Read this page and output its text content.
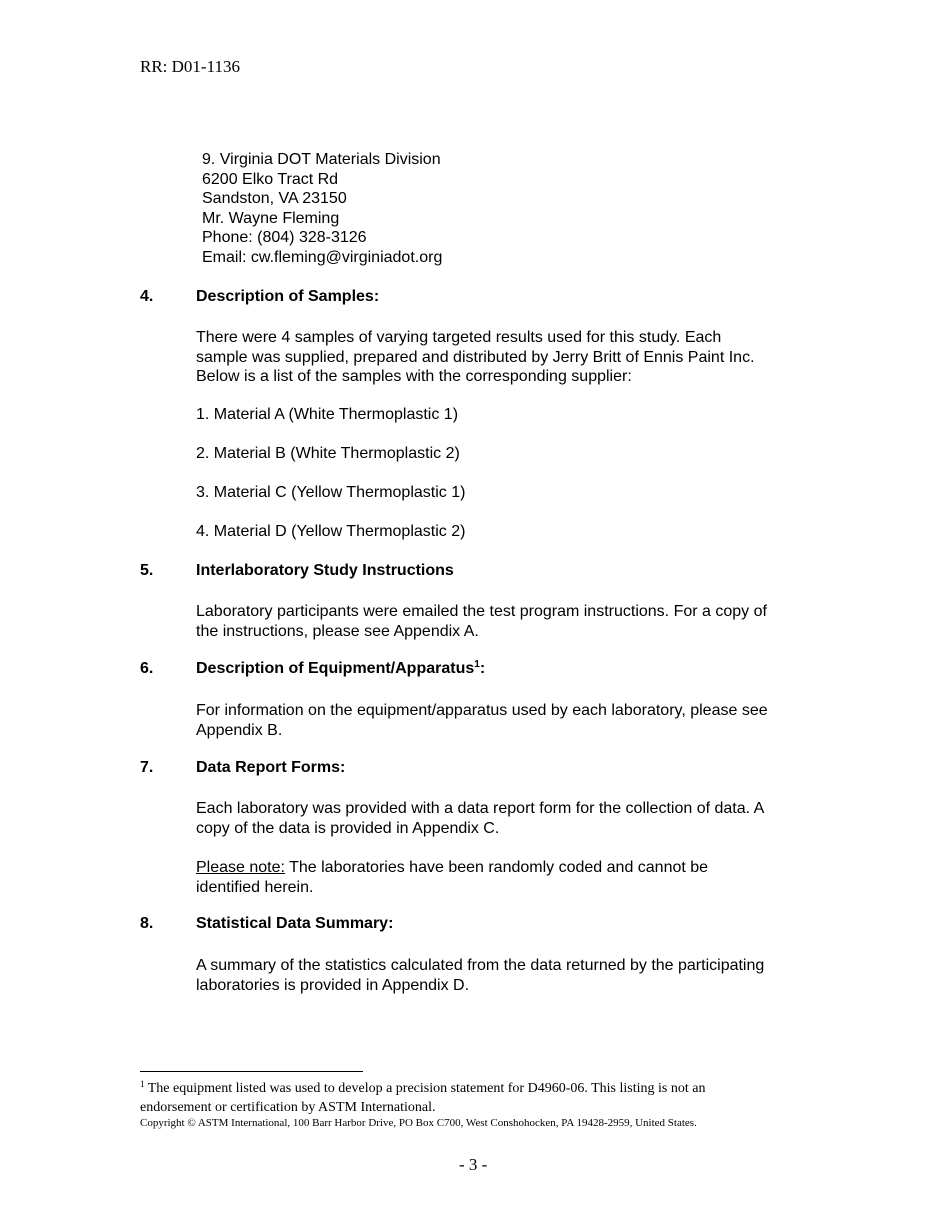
RR: D01-1136
9. Virginia DOT Materials Division
6200 Elko Tract Rd
Sandston, VA 23150
Mr. Wayne Fleming
Phone: (804) 328-3126
Email: cw.fleming@virginiadot.org
4.	Description of Samples:
There were 4 samples of varying targeted results used for this study. Each
sample was supplied, prepared and distributed by Jerry Britt of Ennis Paint Inc.
Below is a list of the samples with the corresponding supplier:
1. Material A (White Thermoplastic 1)
2. Material B (White Thermoplastic 2)
3. Material C (Yellow Thermoplastic 1)
4. Material D (Yellow Thermoplastic 2)
5.	Interlaboratory Study Instructions
Laboratory participants were emailed the test program instructions. For a copy of
the instructions, please see Appendix A.
6.	Description of Equipment/Apparatus$^1$:
For information on the equipment/apparatus used by each laboratory, please see
Appendix B.
7.	Data Report Forms:
Each laboratory was provided with a data report form for the collection of data. A
copy of the data is provided in Appendix C.
Please note: The laboratories have been randomly coded and cannot be
identified herein.
8.	Statistical Data Summary:
A summary of the statistics calculated from the data returned by the participating
laboratories is provided in Appendix D.
$^1$ The equipment listed was used to develop a precision statement for D4960-06. This listing is not an
endorsement or certification by ASTM International.
Copyright © ASTM International, 100 Barr Harbor Drive, PO Box C700, West Conshohocken, PA 19428-2959, United States.
- 3 -
